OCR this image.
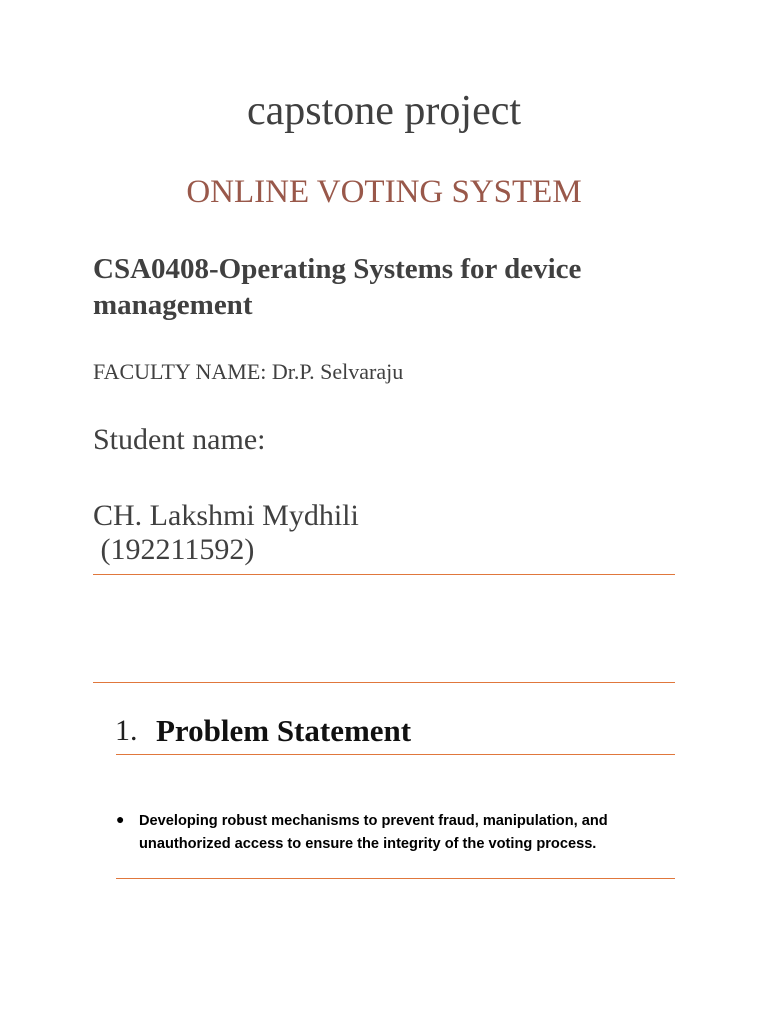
capstone project
ONLINE VOTING SYSTEM
CSA0408-Operating Systems for device management
FACULTY NAME: Dr.P. Selvaraju
Student name:
CH. Lakshmi Mydhili
(192211592)
1. Problem Statement
● Developing robust mechanisms to prevent fraud, manipulation, and unauthorized access to ensure the integrity of the voting process.
